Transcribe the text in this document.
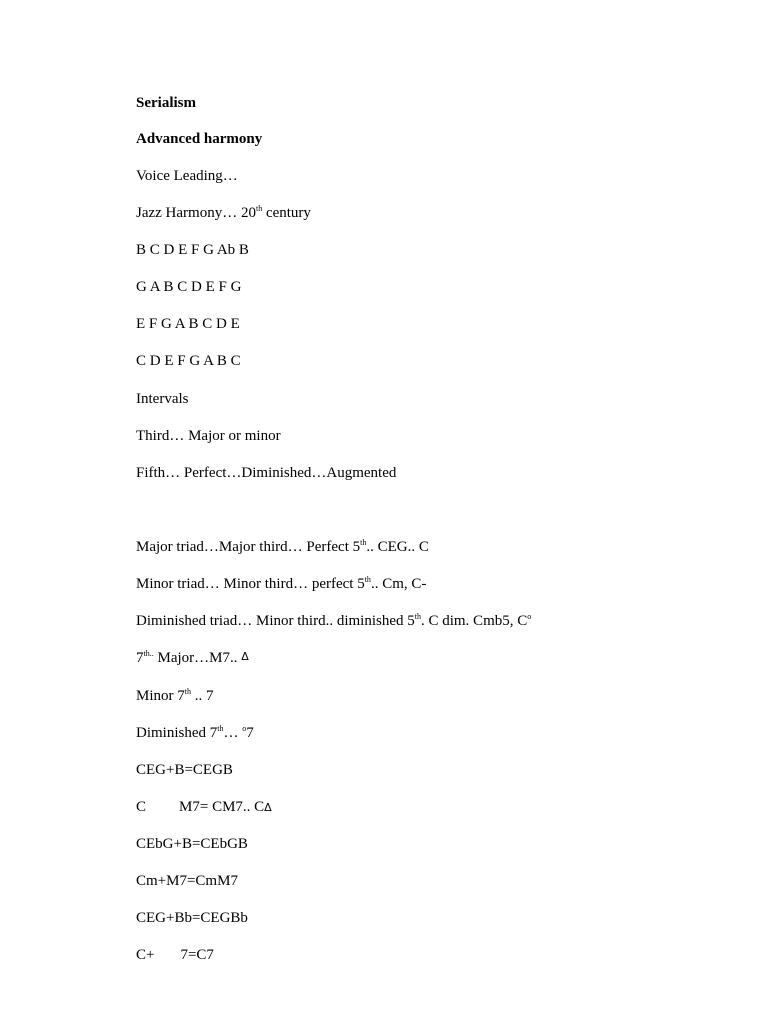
Serialism
Advanced harmony
Voice Leading…
Jazz Harmony… 20th century
B C D E F G Ab B
G A B C D E F G
E F G A B C D E
C D E F G A B C
Intervals
Third… Major or minor
Fifth… Perfect…Diminished…Augmented
Major triad…Major third… Perfect 5th.. CEG.. C
Minor triad… Minor third… perfect 5th.. Cm, C-
Diminished triad… Minor third.. diminished 5th. C dim. Cmb5, $C^o$
$7^{th..}$ Major…M7.. Δ
Minor 7th .. 7
Diminished 7th… $^o$7
CEG+B=CEGB
C M7= CM7.. CΔ
CEbG+B=CEbGB
Cm+M7=CmM7
CEG+Bb=CEGBb
C+ 7=C7
